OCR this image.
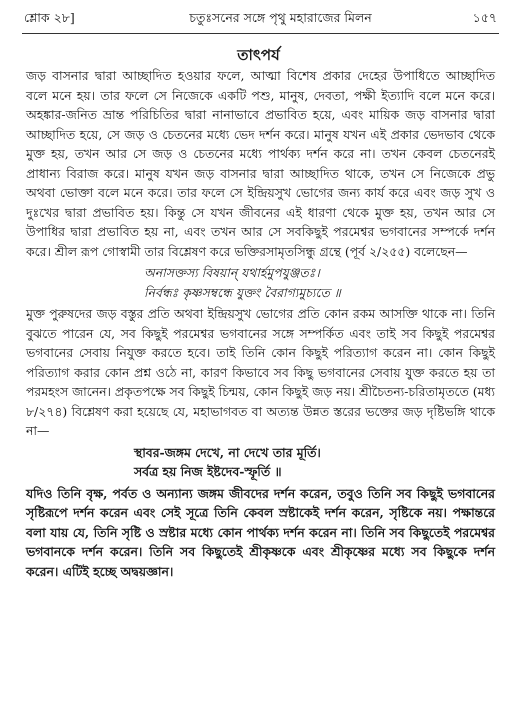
শ্লোক ২৮]	চতুঃসনের সঙ্গে পৃথু মহারাজের মিলন	১৫৭
তাৎপর্য

জড় বাসনার দ্বারা আচ্ছাদিত হওয়ার ফলে, আত্মা বিশেষ প্রকার দেহের উপাধিতে আচ্ছাদিত বলে মনে হয়। তার ফলে সে নিজেকে একটি পশু, মানুষ, দেবতা, পক্ষী ইত্যাদি বলে মনে করে। অহঙ্কার-জনিত ভ্রান্ত পরিচিতির দ্বারা নানাভাবে প্রভাবিত হয়ে, এবং মায়িক জড় বাসনার দ্বারা আচ্ছাদিত হয়ে, সে জড় ও চেতনের মধ্যে ভেদ দর্শন করে। মানুষ যখন এই প্রকার ভেদভাব থেকে মুক্ত হয়, তখন আর সে জড় ও চেতনের মধ্যে পার্থক্য দর্শন করে না। তখন কেবল চেতনেরই প্রাধান্য বিরাজ করে। মানুষ যখন জড় বাসনার দ্বারা আচ্ছাদিত থাকে, তখন সে নিজেকে প্রভু অথবা ভোক্তা বলে মনে করে। তার ফলে সে ইন্দ্রিয়সুখ ভোগের জন্য কার্য করে এবং জড় সুখ ও দুঃখের দ্বারা প্রভাবিত হয়। কিন্তু সে যখন জীবনের এই ধারণা থেকে মুক্ত হয়, তখন আর সে উপাধির দ্বারা প্রভাবিত হয় না, এবং তখন আর সে সবকিছুই পরমেশ্বর ভগবানের সম্পর্কে দর্শন করে। শ্রীল রূপ গোস্বামী তার বিশ্লেষণ করে ভক্তিরসামৃতসিন্ধু গ্রন্থে (পূর্ব ২/২৫৫) বলেছেন—

অনাসক্তস্য বিষয়ান্ যথার্হমুপযুঞ্জতঃ।
নির্বন্ধঃ কৃষ্ণসম্বন্ধে যুক্তং বৈরাগ্যমুচ্যতে ॥

মুক্ত পুরুষদের জড় বস্তুর প্রতি অথবা ইন্দ্রিয়সুখ ভোগের প্রতি কোন রকম আসক্তি থাকে না। তিনি বুঝতে পারেন যে, সব কিছুই পরমেশ্বর ভগবানের সঙ্গে সম্পর্কিত এবং তাই সব কিছুই পরমেশ্বর ভগবানের সেবায় নিযুক্ত করতে হবে। তাই তিনি কোন কিছুই পরিত্যাগ করেন না। কোন কিছুই পরিত্যাগ করার কোন প্রশ্ন ওঠে না, কারণ কিভাবে সব কিছু ভগবানের সেবায় যুক্ত করতে হয় তা পরমহংস জানেন। প্রকৃতপক্ষে সব কিছুই চিন্ময়, কোন কিছুই জড় নয়। শ্রীচৈতন্য-চরিতামৃততে (মধ্য ৮/২৭৪) বিশ্লেষণ করা হয়েছে যে, মহাভাগবত বা অত্যন্ত উন্নত স্তরের ভক্তের জড় দৃষ্টিভঙ্গি থাকে না—

স্থাবর-জঙ্গম দেখে, না দেখে তার মূর্তি।
সর্বত্র হয় নিজ ইষ্টদেব-স্ফূর্তি ॥

যদিও তিনি বৃক্ষ, পর্বত ও অন্যান্য জঙ্গম জীবদের দর্শন করেন, তবুও তিনি সব কিছুই ভগবানের সৃষ্টিরূপে দর্শন করেন এবং সেই সূত্রে তিনি কেবল স্রষ্টাকেই দর্শন করেন, সৃষ্টিকে নয়। পক্ষান্তরে বলা যায় যে, তিনি সৃষ্টি ও স্রষ্টার মধ্যে কোন পার্থক্য দর্শন করেন না। তিনি সব কিছুতেই পরমেশ্বর ভগবানকে দর্শন করেন। তিনি সব কিছুতেই শ্রীকৃষ্ণকে এবং শ্রীকৃষ্ণের মধ্যে সব কিছুকে দর্শন করেন। এটিই হচ্ছে অদ্বয়জ্ঞান।
